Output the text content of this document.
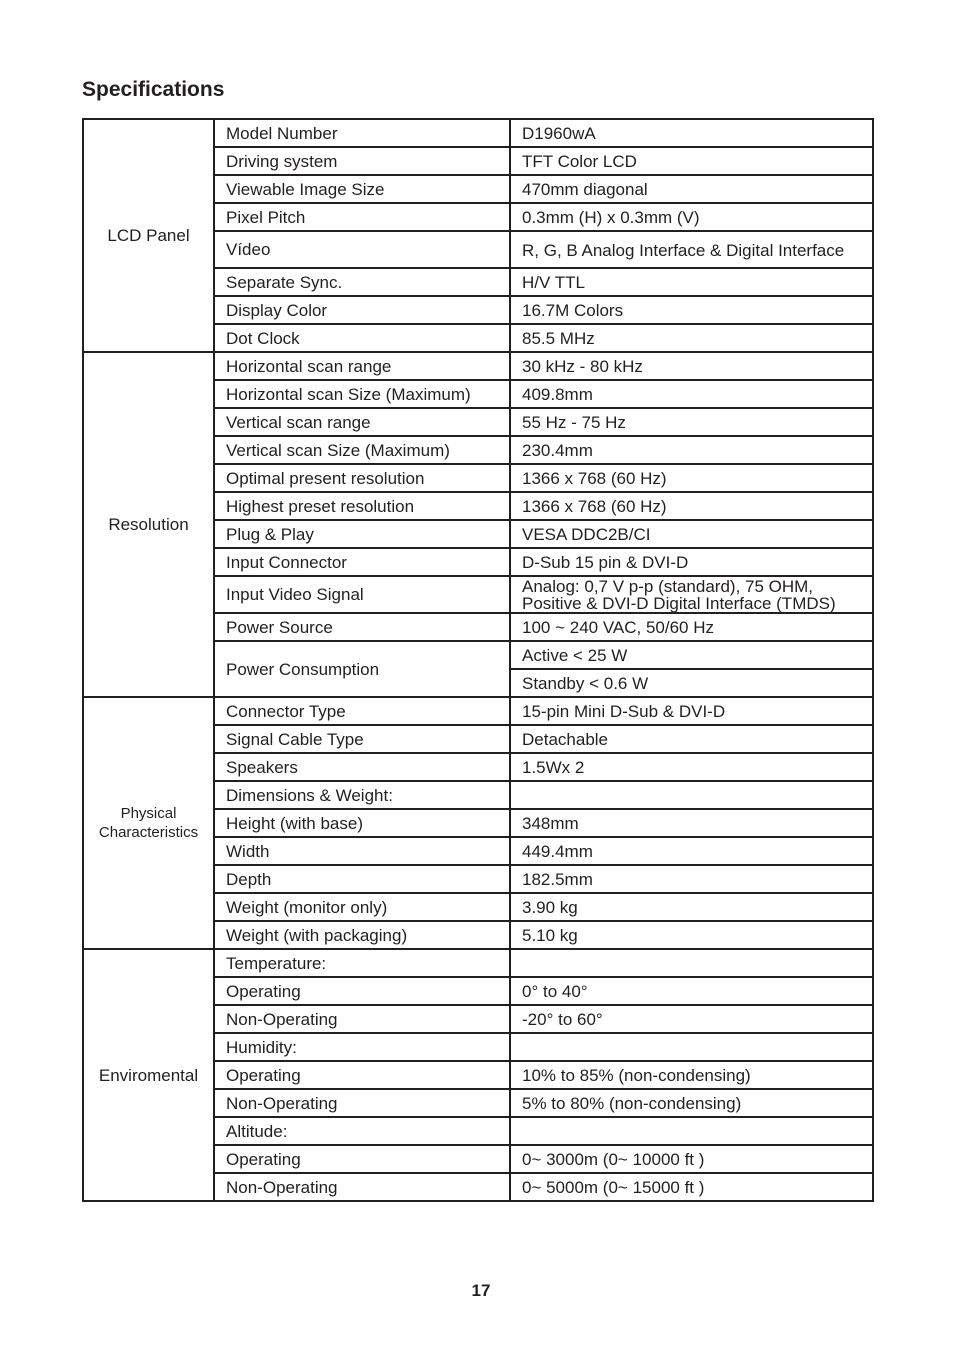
Specifications
LCD Panel	Model Number	D1960wA
	Driving system	TFT Color LCD
	Viewable Image Size	470mm diagonal
	Pixel Pitch	0.3mm (H) x 0.3mm (V)
	Vídeo	R, G, B Analog Interface & Digital Interface
	Separate Sync.	H/V TTL
	Display Color	16.7M Colors
	Dot Clock	85.5 MHz
Resolution	Horizontal scan range	30 kHz - 80 kHz
	Horizontal scan Size (Maximum)	409.8mm
	Vertical scan range	55 Hz - 75 Hz
	Vertical scan Size (Maximum)	230.4mm
	Optimal present resolution	1366 x 768 (60 Hz)
	Highest preset resolution	1366 x 768 (60 Hz)
	Plug & Play	VESA DDC2B/CI
	Input Connector	D-Sub 15 pin & DVI-D
	Input Video Signal	Analog: 0,7 V p-p (standard), 75 OHM, Positive & DVI-D Digital Interface (TMDS)
	Power Source	100 ~ 240 VAC, 50/60 Hz
	Power Consumption	Active < 25 W
		Standby < 0.6 W
Physical Characteristics	Connector Type	15-pin Mini D-Sub & DVI-D
	Signal Cable Type	Detachable
	Speakers	1.5Wx 2
	Dimensions & Weight:	
	Height (with base)	348mm
	Width	449.4mm
	Depth	182.5mm
	Weight (monitor only)	3.90 kg
	Weight (with packaging)	5.10 kg
Enviromental	Temperature:	
	Operating	0° to 40°
	Non-Operating	-20° to 60°
	Humidity:	
	Operating	10% to 85% (non-condensing)
	Non-Operating	5% to 80% (non-condensing)
	Altitude:	
	Operating	0~ 3000m (0~ 10000 ft )
	Non-Operating	0~ 5000m (0~ 15000 ft )
17
